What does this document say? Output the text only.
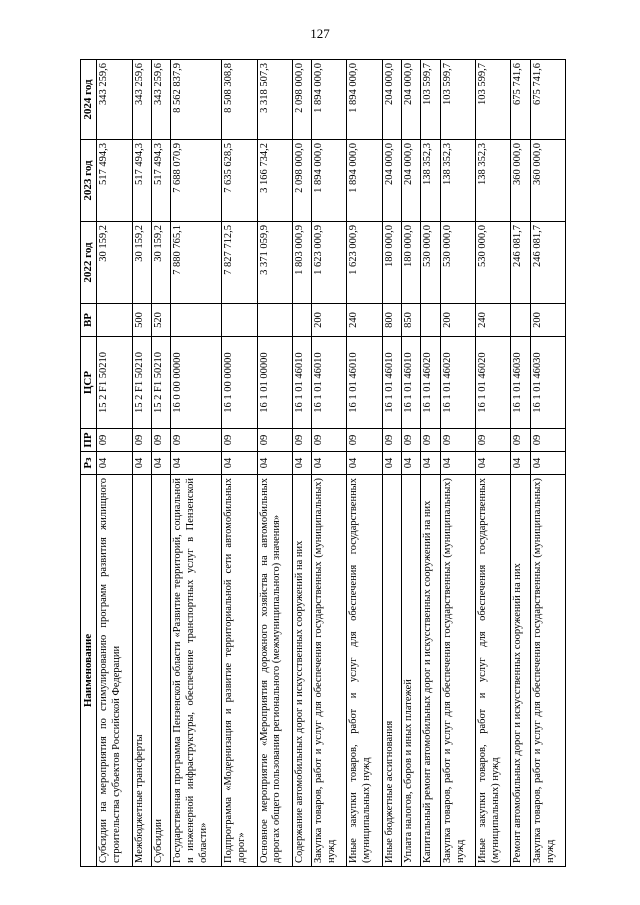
127
Наименование	Рз	ПР	ЦСР	ВР	2022 год	2023 год	2024 год
Субсидии на мероприятия по стимулированию программ развития жилищного строительства субъектов Российской Федерации	04	09	15 2 F1 50210		30 159,2	517 494,3	343 259,6
Межбюджетные трансферты	04	09	15 2 F1 50210	500	30 159,2	517 494,3	343 259,6
Субсидии	04	09	15 2 F1 50210	520	30 159,2	517 494,3	343 259,6
Государственная программа Пензенской области «Развитие территорий, социальной и инженерной инфраструктуры, обеспечение транспортных услуг в Пензенской области»	04	09	16 0 00 00000		7 880 765,1	7 688 070,9	8 562 837,9
Подпрограмма «Модернизация и развитие территориальной сети автомобильных дорог»	04	09	16 1 00 00000		7 827 712,5	7 635 628,5	8 508 308,8
Основное мероприятие «Мероприятия дорожного хозяйства на автомобильных дорогах общего пользования регионального (межмуниципального) значения»	04	09	16 1 01 00000		3 371 059,9	3 166 734,2	3 318 507,3
Содержание автомобильных дорог и искусственных сооружений на них	04	09	16 1 01 46010		1 803 000,9	2 098 000,0	2 098 000,0
Закупка товаров, работ и услуг для обеспечения государственных (муниципальных) нужд	04	09	16 1 01 46010	200	1 623 000,9	1 894 000,0	1 894 000,0
Иные закупки товаров, работ и услуг для обеспечения государственных (муниципальных) нужд	04	09	16 1 01 46010	240	1 623 000,9	1 894 000,0	1 894 000,0
Иные бюджетные ассигнования	04	09	16 1 01 46010	800	180 000,0	204 000,0	204 000,0
Уплата налогов, сборов и иных платежей	04	09	16 1 01 46010	850	180 000,0	204 000,0	204 000,0
Капитальный ремонт автомобильных дорог и искусственных сооружений на них	04	09	16 1 01 46020		530 000,0	138 352,3	103 599,7
Закупка товаров, работ и услуг для обеспечения государственных (муниципальных) нужд	04	09	16 1 01 46020	200	530 000,0	138 352,3	103 599,7
Иные закупки товаров, работ и услуг для обеспечения государственных (муниципальных) нужд	04	09	16 1 01 46020	240	530 000,0	138 352,3	103 599,7
Ремонт автомобильных дорог и искусственных сооружений на них	04	09	16 1 01 46030		246 081,7	360 000,0	675 741,6
Закупка товаров, работ и услуг для обеспечения государственных (муниципальных) нужд	04	09	16 1 01 46030	200	246 081,7	360 000,0	675 741,6
